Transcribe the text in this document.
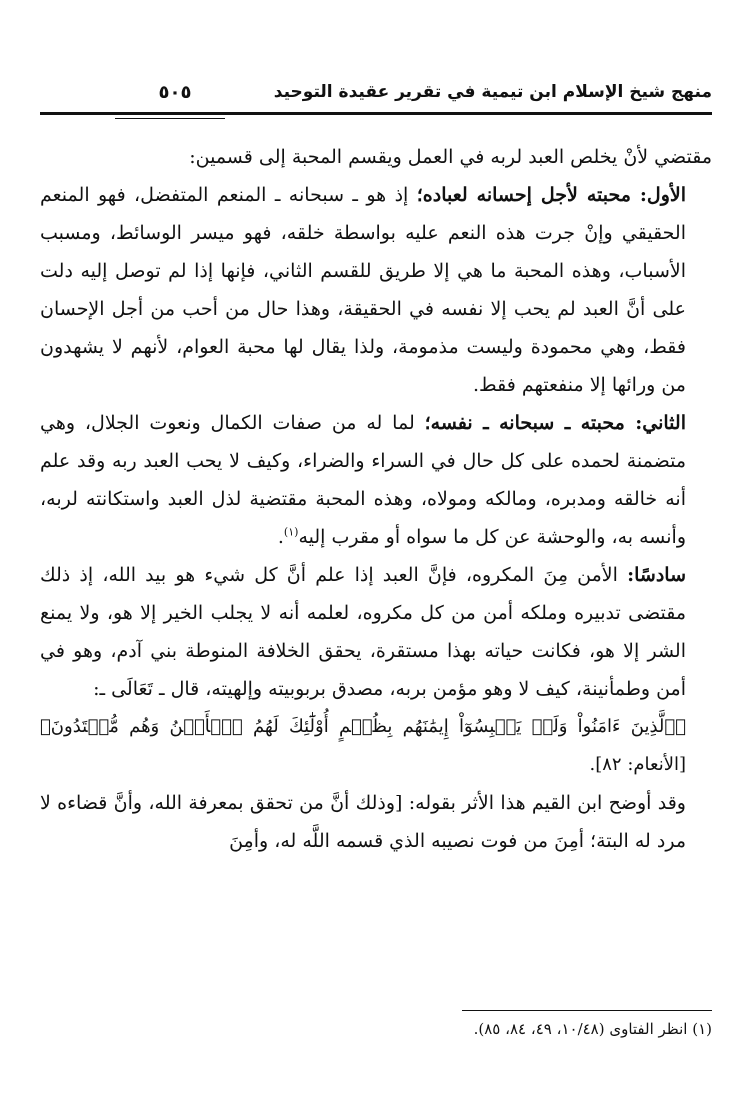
منهج شيخ الإسلام ابن تيمية في تقرير عقيدة التوحيد
٥٠٥

مقتضي لأنْ يخلص العبد لربه في العمل ويقسم المحبة إلى قسمين:

الأول: محبته لأجل إحسانه لعباده؛ إذ هو ـ سبحانه ـ المنعم المتفضل، فهو المنعم الحقيقي وإنْ جرت هذه النعم عليه بواسطة خلقه، فهو ميسر الوسائط، ومسبب الأسباب، وهذه المحبة ما هي إلا طريق للقسم الثاني، فإنها إذا لم توصل إليه دلت على أنَّ العبد لم يحب إلا نفسه في الحقيقة، وهذا حال من أحب من أجل الإحسان فقط، وهي محمودة وليست مذمومة، ولذا يقال لها محبة العوام، لأنهم لا يشهدون من ورائها إلا منفعتهم فقط.

الثاني: محبته ـ سبحانه ـ نفسه؛ لما له من صفات الكمال ونعوت الجلال، وهي متضمنة لحمده على كل حال في السراء والضراء، وكيف لا يحب العبد ربه وقد علم أنه خالقه ومدبره، ومالكه ومولاه، وهذه المحبة مقتضية لذل العبد واستكانته لربه، وأنسه به، والوحشة عن كل ما سواه أو مقرب إليه$^{(١)}$.

سادسًا: الأمن مِنَ المكروه، فإنَّ العبد إذا علم أنَّ كل شيء هو بيد الله، إذ ذلك مقتضى تدبيره وملكه أمن من كل مكروه، لعلمه أنه لا يجلب الخير إلا هو، ولا يمنع الشر إلا هو، فكانت حياته بهذا مستقرة، يحقق الخلافة المنوطة بني آدم، وهو في أمن وطمأنينة، كيف لا وهو مؤمن بربه، مصدق بربوبيته وإلهيته، قال ـ تَعَالَى ـ:
﴿ٱلَّذِينَ ءَامَنُواْ وَلَمۡ يَلۡبِسُوٓاْ إِيمَٰنَهُم بِظُلۡمٍ أُوْلَٰٓئِكَ لَهُمُ ٱلۡأَمۡنُ وَهُم مُّهۡتَدُونَ﴾ [الأنعام: ٨٢].

وقد أوضح ابن القيم هذا الأثر بقوله: [وذلك أنَّ من تحقق بمعرفة الله، وأنَّ قضاءه لا مرد له البتة؛ أمِنَ من فوت نصيبه الذي قسمه اللَّه له، وأمِنَ

(١) انظر الفتاوى (١٠/٤٨، ٤٩، ٨٤، ٨٥).
